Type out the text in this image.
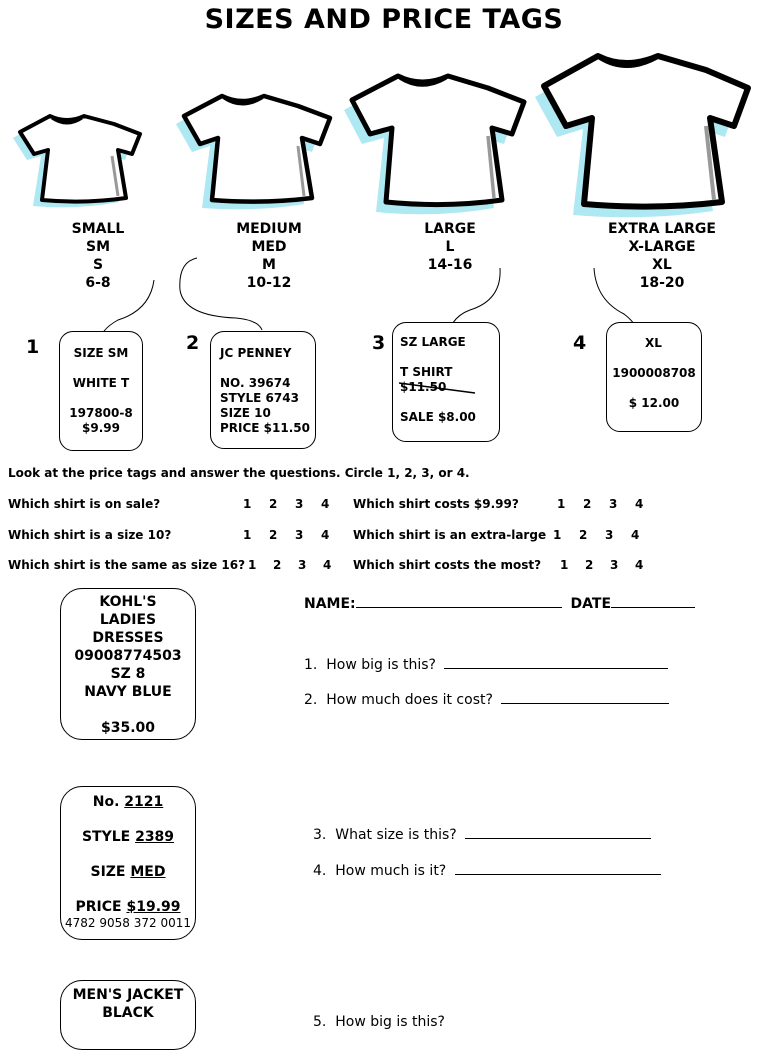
SIZES AND PRICE TAGS
SMALL
SM
S
6-8
MEDIUM
MED
M
10-12
LARGE
L
14-16
EXTRA LARGE
X-LARGE
XL
18-20
1	2	3	4
SIZE SM
WHITE T
197800-8
$9.99
JC PENNEY
NO. 39674
STYLE 6743
SIZE 10
PRICE $11.50
SZ LARGE
T SHIRT
$11.50
SALE $8.00
XL
1900008708
$ 12.00
Look at the price tags and answer the questions. Circle 1, 2, 3, or 4.
Which shirt is on sale?
Which shirt is a size 10?
Which shirt is the same as size 16?
Which shirt costs $9.99?
Which shirt is an extra-large
Which shirt costs the most?
1 2 3 4
1 2 3 4
1 2 3 4
1 2 3 4
1 2 3 4
1 2 3 4
KOHL'S
LADIES
DRESSES
09008774503
SZ 8
NAVY BLUE
$35.00
NAME:	DATE
1. How big is this?
2. How much does it cost?
No. 2121
STYLE 2389
SIZE MED
PRICE $19.99
4782 9058 372 0011
3. What size is this?
4. How much is it?
MEN'S JACKET
BLACK
5. How big is this?
